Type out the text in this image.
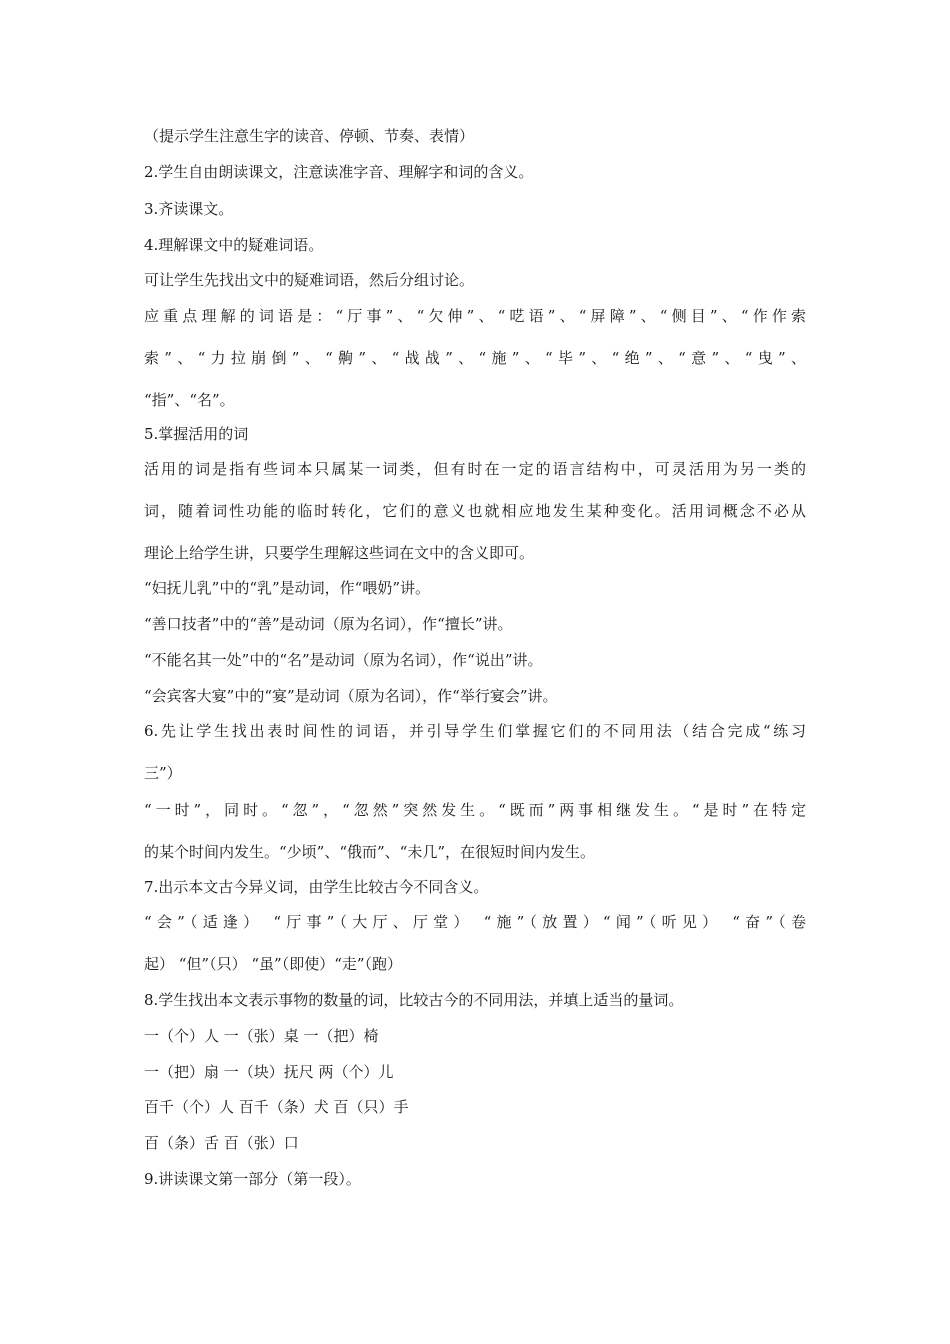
（提示学生注意生字的读音、停顿、节奏、表情）
2.学生自由朗读课文，注意读准字音、理解字和词的含义。
3.齐读课文。
4.理解课文中的疑难词语。
可让学生先找出文中的疑难词语，然后分组讨论。
应重点理解的词语是：“厅事”、“欠伸”、“呓语”、“屏障”、“侧目”、“作作索
索”、“力拉崩倒”、“齁”、“战战”、“施”、“毕”、“绝”、“意”、“曳”、
“指”、“名”。
5.掌握活用的词
活用的词是指有些词本只属某一词类，但有时在一定的语言结构中，可灵活用为另一类的
词，随着词性功能的临时转化，它们的意义也就相应地发生某种变化。活用词概念不必从
理论上给学生讲，只要学生理解这些词在文中的含义即可。
“妇抚儿乳”中的“乳”是动词，作“喂奶”讲。
“善口技者”中的“善”是动词（原为名词），作“擅长”讲。
“不能名其一处”中的“名”是动词（原为名词），作“说出”讲。
“会宾客大宴”中的“宴”是动词（原为名词），作“举行宴会”讲。
6.先让学生找出表时间性的词语，并引导学生们掌握它们的不同用法（结合完成“练习
三”）
“一时”，同时。“忽”，“忽然”突然发生。“既而”两事相继发生。“是时”在特定
的某个时间内发生。“少顷”、“俄而”、“未几”，在很短时间内发生。
7.出示本文古今异义词，由学生比较古今不同含义。
“会”（适逢） “厅事”（大厅、厅堂） “施”（放置）“闻”（听见） “奋”（卷
起） “但”（只） “虽”（即使）“走”（跑）
8.学生找出本文表示事物的数量的词，比较古今的不同用法，并填上适当的量词。
一（个）人 一（张）桌 一（把）椅
一（把）扇 一（块）抚尺 两（个）儿
百千（个）人 百千（条）犬 百（只）手
百（条）舌 百（张）口
9.讲读课文第一部分（第一段）。
